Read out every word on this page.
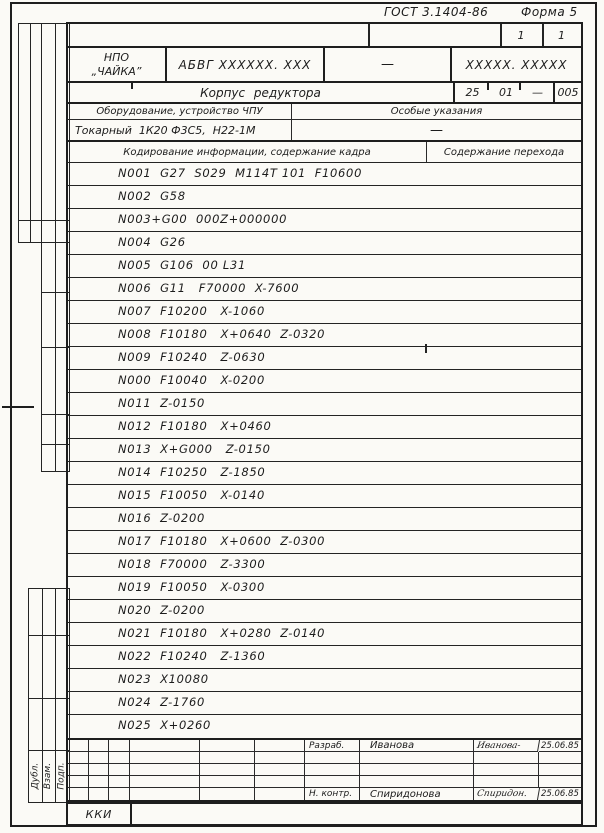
ГОСТ 3.1404-86	Форма 5
Дубл. Взам. Подп.
1	1
НПО
„ЧАЙКА”	АБВГ XXXXXX. XXX	—	XXXXX. XXXXX
Корпус редуктора	25	01	—	005
Оборудование, устройство ЧПУ	Особые указания
Токарный  1К20 Ф3С5,  Н22-1М	—
Кодирование информации, содержание кадра	Содержание перехода
N001  G27  S029  M114T 101  F10600
N002  G58
N003+G00  000Z+000000
N004  G26
N005  G106  00 L31
N006  G11   F70000  X-7600
N007  F10200   X-1060
N008  F10180   X+0640  Z-0320
N009  F10240   Z-0630
N000  F10040   X-0200
N011  Z-0150
N012  F10180   X+0460
N013  X+G000   Z-0150
N014  F10250   Z-1850
N015  F10050   X-0140
N016  Z-0200
N017  F10180   X+0600  Z-0300
N018  F70000   Z-3300
N019  F10050   X-0300
N020  Z-0200
N021  F10180   X+0280  Z-0140
N022  F10240   Z-1360
N023  X10080
N024  Z-1760
N025  X+0260
Разраб.	Иванова	Иванова-	25.06.85
Н. контр.	Спиридонова	Спиридон.	25.06.85
ККИ
